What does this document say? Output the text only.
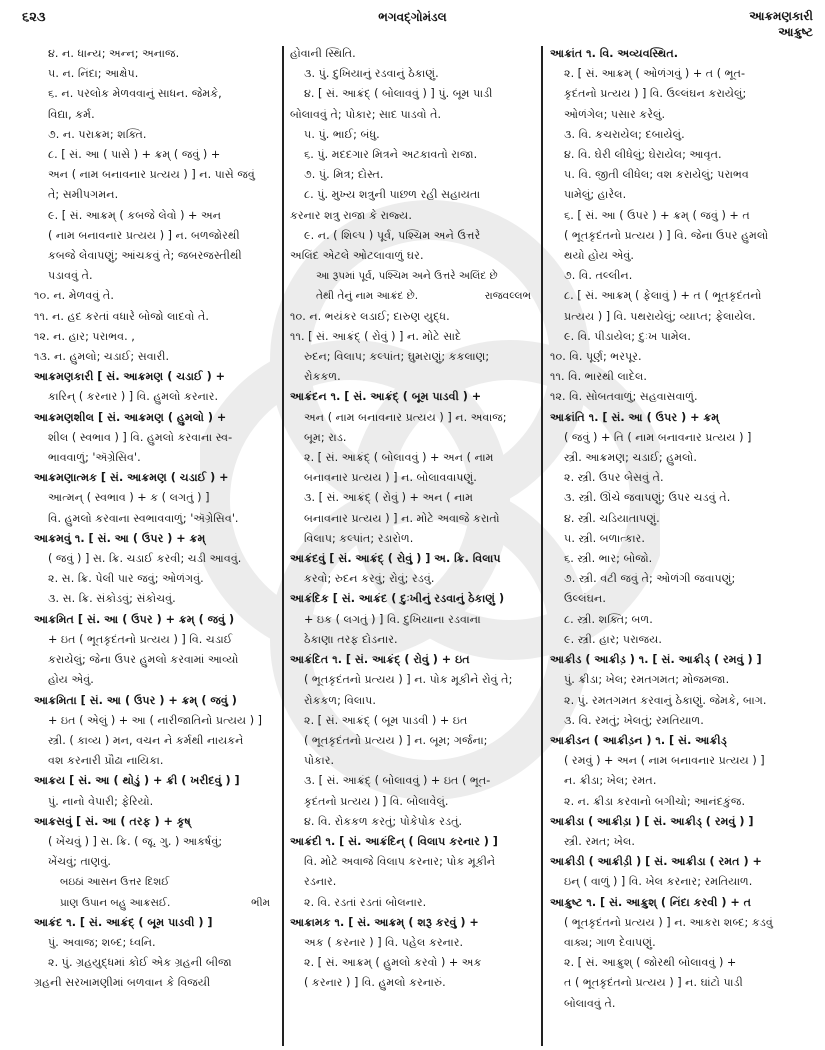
૬૨૩	ભગવદ્ગોમંડલ	આક્રમણકારી
આક્રુષ્ટ
૪. ન. ધાન્ય; અન્ન; અનાજ.
૫. ન. નિંદા; આક્ષેપ.
૬. ન. પરલોક મેળવવાનું સાધન. જેમકે,
વિદ્યા, કર્મ.
૭. ન. પરાક્રમ; શક્તિ.
૮. [ સં. આ ( પાસે ) + ક્રમ્ ( જવું ) +
અન ( નામ બનાવનાર પ્રત્યય ) ] ન. પાસે જવું
તે; સમીપગમન.
૯. [ સં. આક્રમ્ ( કબજે લેવો ) + અન
( નામ બનાવનાર પ્રત્યય ) ] ન. બળજોરથી
કબજે લેવાપણું; આંચકવું તે; જબરજસ્તીથી
પડાવવું તે.
૧૦. ન. મેળવવું તે.
૧૧. ન. હદ કરતાં વધારે બોજો લાદવો તે.
૧૨. ન. હાર; પરાભવ. ,
૧૩. ન. હુમલો; ચડાઈ; સવારી.
આક્રમણકારી [ સં. આક્રમણ ( ચડાઈ ) +
કારિન્ ( કરનાર ) ] વિ. હુમલો કરનાર.
આક્રમણશીલ [ સં. આક્રમણ ( હુમલો ) +
શીલ ( સ્વભાવ ) ] વિ. હુમલો કરવાના સ્વ-
ભાવવાળું; 'ઍગ્રેસિવ'.
આક્રમણાત્મક [ સં. આક્રમણ ( ચડાઈ ) +
આત્મન્ ( સ્વભાવ ) + ક ( લગતું ) ]
વિ. હુમલો કરવાના સ્વભાવવાળું; 'ઍગ્રેસિવ'.
આક્રમવું ૧. [ સં. આ ( ઉપર ) + ક્રમ્
( જવું ) ] સ. ક્રિ. ચડાઈ કરવી; ચડી આવવું.
૨. સ. ક્રિ. પેલી પાર જવું; ઓળંગવું.
૩. સ. ક્રિ. સંકોડવું; સંકોચવું.
આક્રમિત [ સં. આ ( ઉપર ) + ક્રમ્ ( જવું )
+ ઇત ( ભૂતકૃદંતનો પ્રત્યય ) ] વિ. ચડાઈ
કરાયેલું; જેના ઉપર હુમલો કરવામાં આવ્યો
હોય એવું.
આક્રમિતા [ સં. આ ( ઉપર ) + ક્રમ્ ( જવું )
+ ઇત ( એલું ) + આ ( નારીજાતિનો પ્રત્યય ) ]
સ્ત્રી. ( કાવ્ય ) મન, વચન ને કર્મથી નાયકને
વશ કરનારી પ્રૌઢા નાયિકા.
આક્રય [ સં. આ ( થોડું ) + ક્રી ( ખરીદવું ) ]
પું. નાનો વેપારી; ફેરિયો.
આક્રસવું [ સં. આ ( તરફ ) + કૃષ્
( ખેંચવું ) ] સ. ક્રિ. ( જૂ. ગુ. ) આકર્ષવું;
ખેંચવું; તાણવું.
બઇઠાં આસન ઉત્તર દિશઈ
પ્રાણ ઉપાન બહુ આક્રસઈ.	ભીમ
આક્રંદ ૧. [ સં. આક્રંદ્ ( બૂમ પાડવી ) ]
પું. અવાજ; શબ્દ; ધ્વનિ.
૨. પું. ગ્રહયુદ્ધમાં કોઈ એક ગ્રહની બીજા
ગ્રહની સરખામણીમાં બળવાન કે વિજયી
હોવાની સ્થિતિ.
૩. પું. દુખિયાનું રડવાનું ઠેકાણું.
૪. [ સં. આક્રંદ્ ( બોલાવવું ) ] પું. બૂમ પાડી
બોલાવવું તે; પોકાર; સાદ પાડવો તે.
૫. પું. ભાઈ; બંધુ.
૬. પું. મદદગાર મિત્રને અટકાવતો રાજા.
૭. પું. મિત્ર; દોસ્ત.
૮. પું. મુખ્ય શત્રુની પાછળ રહી સહાયતા
કરનાર શત્રુ રાજા કે રાજ્ય.
૯. ન. ( શિલ્પ ) પૂર્વ, પશ્ચિમ અને ઉત્તરે
અલિંદ એટલે ઓટલાવાળું ઘર.
આ રૂપમાં પૂર્વ, પશ્ચિમ અને ઉત્તરે અલિંદ છે
તેથી તેનું નામ આક્રંદ છે.	રાજવલ્લભ
૧૦. ન. ભયંકર લડાઈ; દારુણ યુદ્ધ.
૧૧. [ સં. આક્રંદ્ ( રોવું ) ] ન. મોટે સાદે
રુદન; વિલાપ; કલ્પાંત; ઘુમરાણું; કકલાણ;
રોકકળ.
આક્રંદન ૧. [ સં. આક્રંદ્ ( બૂમ પાડવી ) +
અન ( નામ બનાવનાર પ્રત્યય ) ] ન. અવાજ;
બૂમ; રાડ.
૨. [ સં. આક્રંદ્ ( બોલાવવું ) + અન ( નામ
બનાવનાર પ્રત્યય ) ] ન. બોલાવવાપણું.
૩. [ સં. આક્રંદ્ ( રોવું ) + અન ( નામ
બનાવનાર પ્રત્યય ) ] ન. મોટે અવાજે કરાતો
વિલાપ; કલ્પાંત; રડારોળ.
આક્રંદવું [ સં. આક્રંદ્ ( રોવું ) ] અ. ક્રિ. વિલાપ
કરવો; રુદન કરવું; રોવું; રડવું.
આક્રંદિક [ સં. આક્રંદ ( દુઃખીનું રડવાનું ઠેકાણું )
+ ઇક ( લગતું ) ] વિ. દુખિયાના રડવાના
ઠેકાણા તરફ દોડનાર.
આક્રંદિત ૧. [ સં. આક્રંદ્ ( રોવું ) + ઇત
( ભૂતકૃદંતનો પ્રત્યય ) ] ન. પોક મૂકીને રોવું તે;
રોકકળ; વિલાપ.
૨. [ સં. આક્રંદ્ ( બૂમ પાડવી ) + ઇત
( ભૂતકૃદંતનો પ્રત્યય ) ] ન. બૂમ; ગર્જના;
પોકાર.
૩. [ સં. આક્રંદ્ ( બોલાવવું ) + ઇત ( ભૂત-
કૃદંતનો પ્રત્યય ) ] વિ. બોલાવેલું.
૪. વિ. રોકકળ કરતું; પોકેપોક રડતું.
આક્રંદી ૧. [ સં. આક્રંદિન્ ( વિલાપ કરનાર ) ]
વિ. મોટે અવાજે વિલાપ કરનાર; પોક મૂકીને
રડનાર.
૨. વિ. રડતાં રડતાં બોલનાર.
આક્રામક ૧. [ સં. આક્રમ્ ( શરૂ કરવું ) +
અક ( કરનાર ) ] વિ. પહેલ કરનાર.
૨. [ સં. આક્રમ્ ( હુમલો કરવો ) + અક
( કરનાર ) ] વિ. હુમલો કરનારું.
આક્રાંત ૧. વિ. અવ્યવસ્થિત.
૨. [ સં. આક્રમ્ ( ઓળંગવું ) + ત ( ભૂત-
કૃદંતનો પ્રત્યય ) ] વિ. ઉલ્લંઘન કરાયેલું;
ઓળંગેલ; પસાર કરેલું.
૩. વિ. કચરાયેલ; દબાયેલું.
૪. વિ. ઘેરી લીધેલું; ઘેરાયેલ; આવૃત.
૫. વિ. જીતી લીધેલ; વશ કરાયેલું; પરાભવ
પામેલું; હારેલ.
૬. [ સં. આ ( ઉપર ) + ક્રમ્ ( જવું ) + ત
( ભૂતકૃદંતનો પ્રત્યય ) ] વિ. જેના ઉપર હુમલો
થયો હોય એવું.
૭. વિ. તલ્લીન.
૮. [ સં. આક્રમ્ ( ફેલાવું ) + ત ( ભૂતકૃદંતનો
પ્રત્યય ) ] વિ. પથરાયેલું; વ્યાપ્ત; ફેલાયેલ.
૯. વિ. પીડાયેલ; દુઃખ પામેલ.
૧૦. વિ. પૂર્ણ; ભરપૂર.
૧૧. વિ. ભારથી લાદેલ.
૧૨. વિ. સોબતવાળું; સહવાસવાળું.
આક્રાંતિ ૧. [ સં. આ ( ઉપર ) + ક્રમ્
( જવું ) + તિ ( નામ બનાવનાર પ્રત્યય ) ]
સ્ત્રી. આક્રમણ; ચડાઈ; હુમલો.
૨. સ્ત્રી. ઉપર બેસવું તે.
૩. સ્ત્રી. ઊંચે જવાપણું; ઉપર ચડવું તે.
૪. સ્ત્રી. ચડિયાતાપણું.
૫. સ્ત્રી. બળાત્કાર.
૬. સ્ત્રી. ભાર; બોજો.
૭. સ્ત્રી. વટી જવું તે; ઓળંગી જવાપણું;
ઉલ્લંઘન.
૮. સ્ત્રી. શક્તિ; બળ.
૯. સ્ત્રી. હાર; પરાજય.
આક્રીડ ( આક્રીડ઼ ) ૧. [ સં. આક્રીડ્ ( રમવું ) ]
પું. ક્રીડા; ખેલ; રમતગમત; મોજમજા.
૨. પું. રમતગમત કરવાનું ઠેકાણું. જેમકે, બાગ.
૩. વિ. રમતું; ખેલતું; રમતિયાળ.
આક્રીડન ( આક્રીડ઼ન ) ૧. [ સં. આક્રીડ્
( રમવું ) + અન ( નામ બનાવનાર પ્રત્યય ) ]
ન. ક્રીડા; ખેલ; રમત.
૨. ન. ક્રીડા કરવાનો બગીચો; આનંદકુંજ.
આક્રીડા ( આક્રીડ઼ા ) [ સં. આક્રીડ્ ( રમવું ) ]
સ્ત્રી. રમત; ખેલ.
આક્રીડી ( આક્રીડ઼ી ) [ સં. આક્રીડા ( રમત ) +
ઇન્ ( વાળું ) ] વિ. ખેલ કરનાર; રમતિયાળ.
આક્રુષ્ટ ૧. [ સં. આક્રુશ્ ( નિંદા કરવી ) + ત
( ભૂતકૃદંતનો પ્રત્યય ) ] ન. આકરા શબ્દ; કડવું
વાક્ય; ગાળ દેવાપણું.
૨. [ સં. આક્રુશ્ ( જોરથી બોલાવવું ) +
ત ( ભૂતકૃદંતનો પ્રત્યય ) ] ન. ઘાંટો પાડી
બોલાવવું તે.
